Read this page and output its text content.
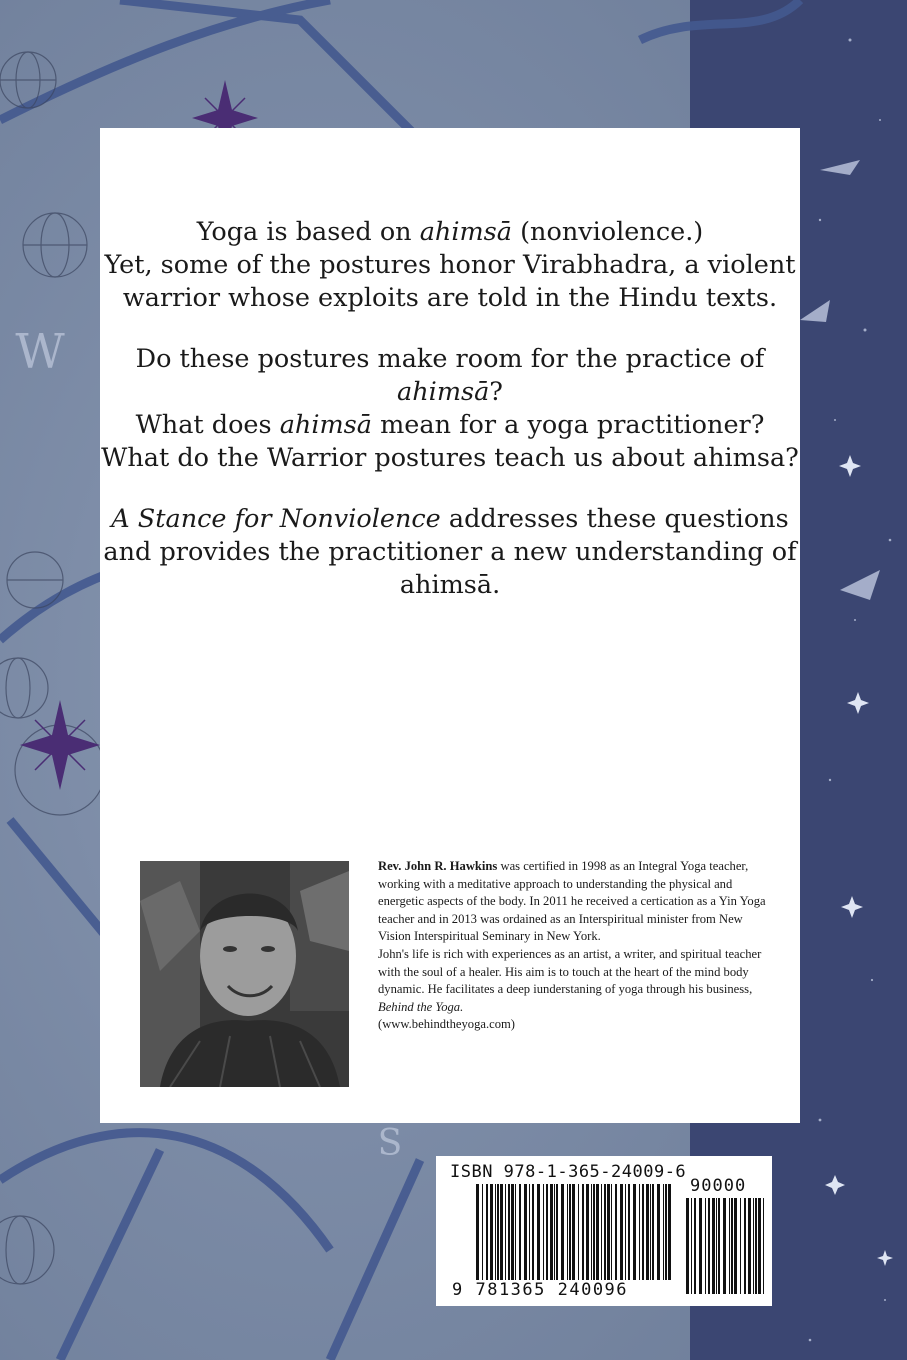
W
S

Yoga is based on ahimsā (nonviolence.)
Yet, some of the postures honor Virabhadra, a violent warrior whose exploits are told in the Hindu texts.

Do these postures make room for the practice of ahimsā?
What does ahimsā mean for a yoga practitioner?
What do the Warrior postures teach us about ahimsa?

A Stance for Nonviolence addresses these questions and provides the practitioner a new understanding of ahimsā.

Rev. John R. Hawkins was certified in 1998 as an Integral Yoga teacher, working with a meditative approach to understanding the physical and energetic aspects of the body. In 2011 he received a certication as a Yin Yoga teacher and in 2013 was ordained as an Interspiritual minister from New Vision Interspiritual Seminary in New York.

John's life is rich with experiences as an artist, a writer, and spiritual teacher with the soul of a healer. His aim is to touch at the heart of the mind body dynamic. He facilitates a deep iunderstaning of yoga through his business, Behind the Yoga.

(www.behindtheyoga.com)

ISBN 978-1-365-24009-6
90000
9 781365 240096
